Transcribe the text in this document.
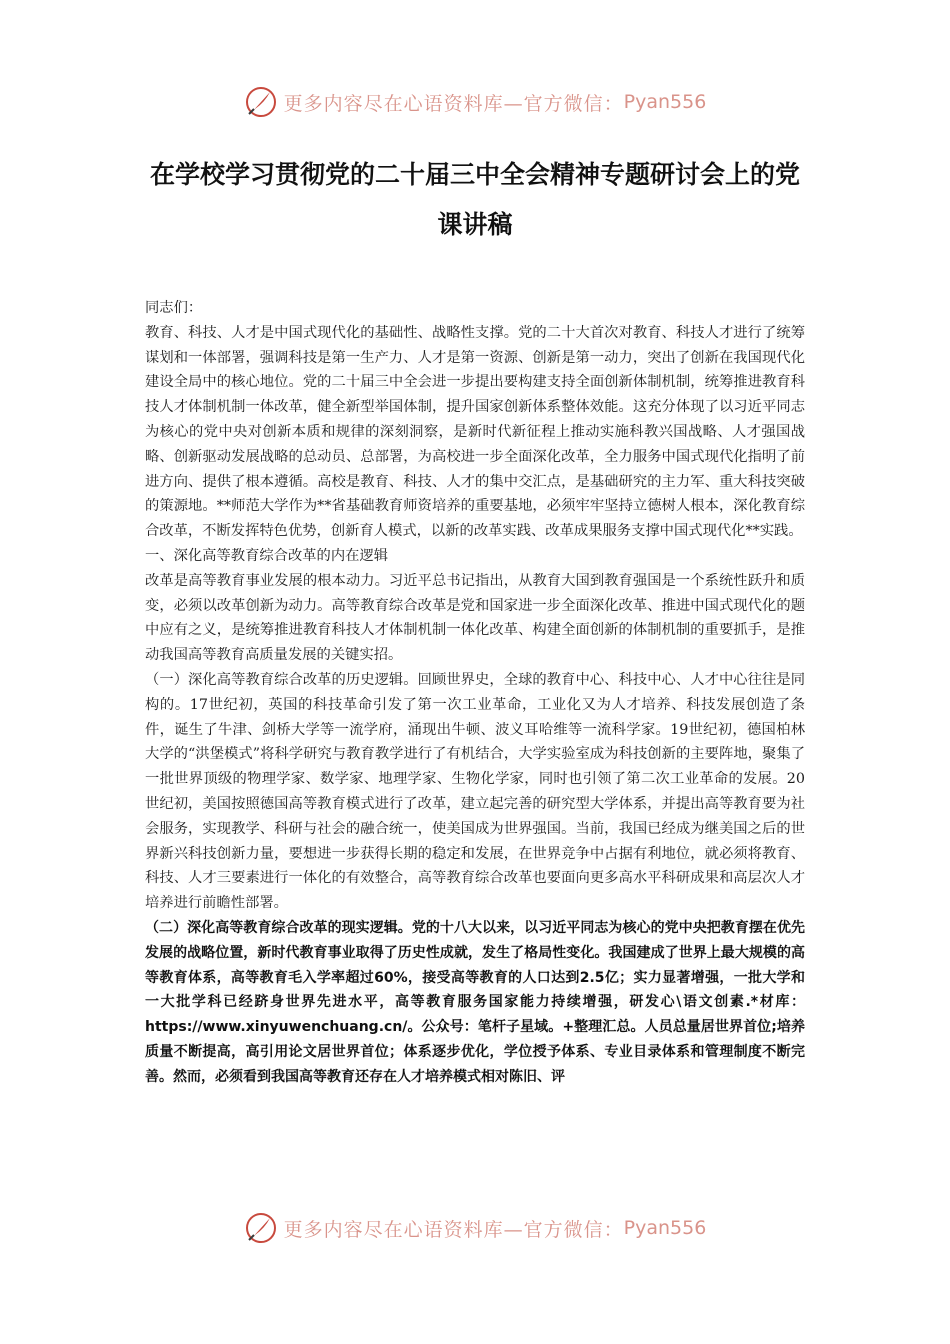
更多内容尽在心语资料库—官方微信： Pyan556
在学校学习贯彻党的二十届三中全会精神专题研讨会上的党课讲稿

同志们：

教育、科技、人才是中国式现代化的基础性、战略性支撑。党的二十大首次对教育、科技人才进行了统筹谋划和一体部署，强调科技是第一生产力、人才是第一资源、创新是第一动力，突出了创新在我国现代化建设全局中的核心地位。党的二十届三中全会进一步提出要构建支持全面创新体制机制，统筹推进教育科技人才体制机制一体改革，健全新型举国体制，提升国家创新体系整体效能。这充分体现了以习近平同志为核心的党中央对创新本质和规律的深刻洞察，是新时代新征程上推动实施科教兴国战略、人才强国战略、创新驱动发展战略的总动员、总部署，为高校进一步全面深化改革，全力服务中国式现代化指明了前进方向、提供了根本遵循。高校是教育、科技、人才的集中交汇点，是基础研究的主力军、重大科技突破的策源地。**师范大学作为**省基础教育师资培养的重要基地，必须牢牢坚持立德树人根本，深化教育综合改革，不断发挥特色优势，创新育人模式，以新的改革实践、改革成果服务支撑中国式现代化**实践。

一、深化高等教育综合改革的内在逻辑

改革是高等教育事业发展的根本动力。习近平总书记指出，从教育大国到教育强国是一个系统性跃升和质变，必须以改革创新为动力。高等教育综合改革是党和国家进一步全面深化改革、推进中国式现代化的题中应有之义，是统筹推进教育科技人才体制机制一体化改革、构建全面创新的体制机制的重要抓手，是推动我国高等教育高质量发展的关键实招。

（一）深化高等教育综合改革的历史逻辑。回顾世界史，全球的教育中心、科技中心、人才中心往往是同构的。17世纪初，英国的科技革命引发了第一次工业革命，工业化又为人才培养、科技发展创造了条件，诞生了牛津、剑桥大学等一流学府，涌现出牛顿、波义耳哈维等一流科学家。19世纪初，德国柏林大学的“洪堡模式”将科学研究与教育教学进行了有机结合，大学实验室成为科技创新的主要阵地，聚集了一批世界顶级的物理学家、数学家、地理学家、生物化学家，同时也引领了第二次工业革命的发展。20世纪初，美国按照德国高等教育模式进行了改革，建立起完善的研究型大学体系，并提出高等教育要为社会服务，实现教学、科研与社会的融合统一，使美国成为世界强国。当前，我国已经成为继美国之后的世界新兴科技创新力量，要想进一步获得长期的稳定和发展，在世界竞争中占据有利地位，就必须将教育、科技、人才三要素进行一体化的有效整合，高等教育综合改革也要面向更多高水平科研成果和高层次人才培养进行前瞻性部署。

（二）深化高等教育综合改革的现实逻辑。党的十八大以来，以习近平同志为核心的党中央把教育摆在优先发展的战略位置，新时代教育事业取得了历史性成就，发生了格局性变化。我国建成了世界上最大规模的高等教育体系，高等教育毛入学率超过60%，接受高等教育的人口达到2.5亿；实力显著增强，一批大学和一大批学科已经跻身世界先进水平，高等教育服务国家能力持续增强，研发心\语文创素.*材库：https://www.xinyuwenchuang.cn/。公众号：笔杆子星域。+整理汇总。人员总量居世界首位;培养质量不断提高，高引用论文居世界首位；体系逐步优化，学位授予体系、专业目录体系和管理制度不断完善。然而，必须看到我国高等教育还存在人才培养模式相对陈旧、评

更多内容尽在心语资料库—官方微信： Pyan556
